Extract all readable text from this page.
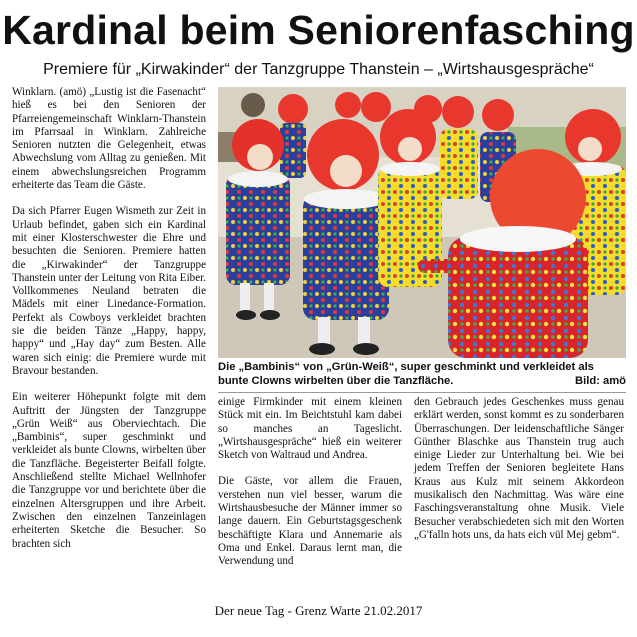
Kardinal beim Seniorenfasching
Premiere für „Kirwakinder“ der Tanzgruppe Thanstein – „Wirtshausgespräche“

Winklarn. (amö) „Lustig ist die Fasenacht“ hieß es bei den Senioren der Pfarreiengemeinschaft Winklarn-Thanstein im Pfarrsaal in Winklarn. Zahlreiche Senioren nutzten die Gelegenheit, etwas Abwechslung vom Alltag zu genießen. Mit einem abwechslungsreichen Programm erheiterte das Team die Gäste.

Da sich Pfarrer Eugen Wismeth zur Zeit in Urlaub befindet, gaben sich ein Kardinal mit einer Klosterschwester die Ehre und besuchten die Senioren. Premiere hatten die „Kirwakinder“ der Tanzgruppe Thanstein unter der Leitung von Rita Eiber. Vollkommenes Neuland betraten die Mädels mit einer Linedance-Formation. Perfekt als Cowboys verkleidet brachten sie die beiden Tänze „Happy, happy, happy“ und „Hay day“ zum Besten. Alle waren sich einig: die Premiere wurde mit Bravour bestanden.

Ein weiterer Höhepunkt folgte mit dem Auftritt der Jüngsten der Tanzgruppe „Grün Weiß“ aus Oberviechtach. Die „Bambinis“, super geschminkt und verkleidet als bunte Clowns, wirbelten über die Tanzfläche. Begeisterter Beifall folgte. Anschließend stellte Michael Wellnhofer die Tanzgruppe vor und berichtete über die einzelnen Altersgruppen und ihre Arbeit. Zwischen den einzelnen Tanzeinlagen erheiterten Sketche die Besucher. So brachten sich

Die „Bambinis“ von „Grün-Weiß“, super geschminkt und verkleidet als bunte Clowns wirbelten über die Tanzfläche.	Bild: amö

einige Firmkinder mit einem kleinen Stück mit ein. Im Beichtstuhl kam dabei so manches an Tageslicht. „Wirtshausgespräche“ hieß ein weiterer Sketch von Waltraud und Andrea.

Die Gäste, vor allem die Frauen, verstehen nun viel besser, warum die Wirtshausbesuche der Männer immer so lange dauern. Ein Geburtstagsgeschenk beschäftigte Klara und Annemarie als Oma und Enkel. Daraus lernt man, die Verwendung und

den Gebrauch jedes Geschenkes muss genau erklärt werden, sonst kommt es zu sonderbaren Überraschungen. Der leidenschaftliche Sänger Günther Blaschke aus Thanstein trug auch einige Lieder zur Unterhaltung bei. Wie bei jedem Treffen der Senioren begleitete Hans Kraus aus Kulz mit seinem Akkordeon musikalisch den Nachmittag. Was wäre eine Faschingsveranstaltung ohne Musik. Viele Besucher verabschiedeten sich mit den Worten „G'falln hots uns, da hats eich vül Mej gebm“.

Der neue Tag - Grenz Warte 21.02.2017
